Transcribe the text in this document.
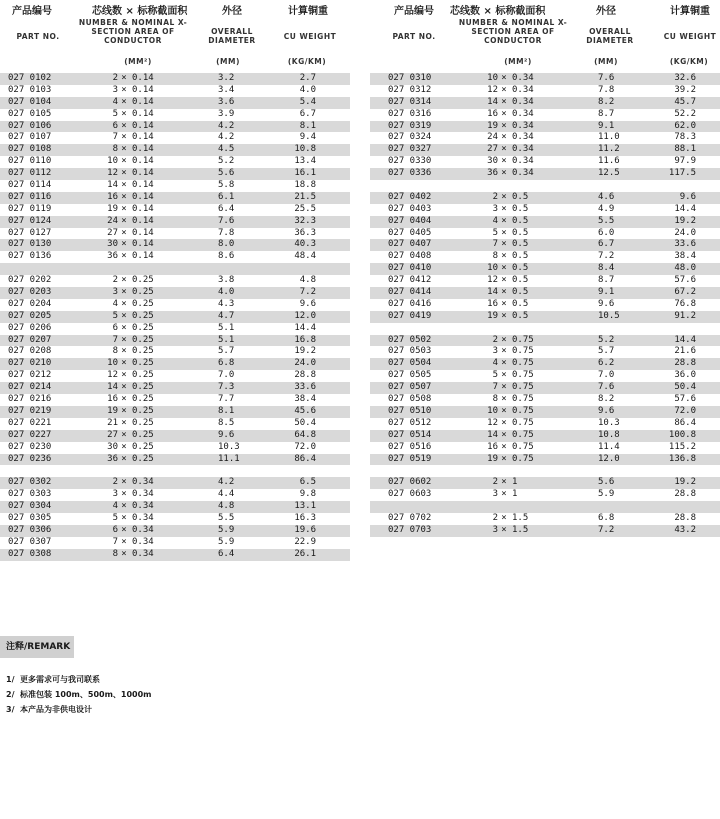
产品编号
PART NO.
芯线数 × 标称截面积
NUMBER & NOMINAL X-SECTION AREA OF CONDUCTOR
(MM²)
外径
OVERALL DIAMETER
(MM)
计算铜重
CU WEIGHT
(KG/KM)
027 0102	2 × 0.14	3.2	2.7
027 0103	3 × 0.14	3.4	4.0
027 0104	4 × 0.14	3.6	5.4
027 0105	5 × 0.14	3.9	6.7
027 0106	6 × 0.14	4.2	8.1
027 0107	7 × 0.14	4.2	9.4
027 0108	8 × 0.14	4.5	10.8
027 0110	10 × 0.14	5.2	13.4
027 0112	12 × 0.14	5.6	16.1
027 0114	14 × 0.14	5.8	18.8
027 0116	16 × 0.14	6.1	21.5
027 0119	19 × 0.14	6.4	25.5
027 0124	24 × 0.14	7.6	32.3
027 0127	27 × 0.14	7.8	36.3
027 0130	30 × 0.14	8.0	40.3
027 0136	36 × 0.14	8.6	48.4
027 0202	2 × 0.25	3.8	4.8
027 0203	3 × 0.25	4.0	7.2
027 0204	4 × 0.25	4.3	9.6
027 0205	5 × 0.25	4.7	12.0
027 0206	6 × 0.25	5.1	14.4
027 0207	7 × 0.25	5.1	16.8
027 0208	8 × 0.25	5.7	19.2
027 0210	10 × 0.25	6.8	24.0
027 0212	12 × 0.25	7.0	28.8
027 0214	14 × 0.25	7.3	33.6
027 0216	16 × 0.25	7.7	38.4
027 0219	19 × 0.25	8.1	45.6
027 0221	21 × 0.25	8.5	50.4
027 0227	27 × 0.25	9.6	64.8
027 0230	30 × 0.25	10.3	72.0
027 0236	36 × 0.25	11.1	86.4
027 0302	2 × 0.34	4.2	6.5
027 0303	3 × 0.34	4.4	9.8
027 0304	4 × 0.34	4.8	13.1
027 0305	5 × 0.34	5.5	16.3
027 0306	6 × 0.34	5.9	19.6
027 0307	7 × 0.34	5.9	22.9
027 0308	8 × 0.34	6.4	26.1
产品编号
PART NO.
芯线数 × 标称截面积
NUMBER & NOMINAL X-SECTION AREA OF CONDUCTOR
(MM²)
外径
OVERALL DIAMETER
(MM)
计算铜重
CU WEIGHT
(KG/KM)
027 0310	10 × 0.34	7.6	32.6
027 0312	12 × 0.34	7.8	39.2
027 0314	14 × 0.34	8.2	45.7
027 0316	16 × 0.34	8.7	52.2
027 0319	19 × 0.34	9.1	62.0
027 0324	24 × 0.34	11.0	78.3
027 0327	27 × 0.34	11.2	88.1
027 0330	30 × 0.34	11.6	97.9
027 0336	36 × 0.34	12.5	117.5
027 0402	2 × 0.5	4.6	9.6
027 0403	3 × 0.5	4.9	14.4
027 0404	4 × 0.5	5.5	19.2
027 0405	5 × 0.5	6.0	24.0
027 0407	7 × 0.5	6.7	33.6
027 0408	8 × 0.5	7.2	38.4
027 0410	10 × 0.5	8.4	48.0
027 0412	12 × 0.5	8.7	57.6
027 0414	14 × 0.5	9.1	67.2
027 0416	16 × 0.5	9.6	76.8
027 0419	19 × 0.5	10.5	91.2
027 0502	2 × 0.75	5.2	14.4
027 0503	3 × 0.75	5.7	21.6
027 0504	4 × 0.75	6.2	28.8
027 0505	5 × 0.75	7.0	36.0
027 0507	7 × 0.75	7.6	50.4
027 0508	8 × 0.75	8.2	57.6
027 0510	10 × 0.75	9.6	72.0
027 0512	12 × 0.75	10.3	86.4
027 0514	14 × 0.75	10.8	100.8
027 0516	16 × 0.75	11.4	115.2
027 0519	19 × 0.75	12.0	136.8
027 0602	2 × 1	5.6	19.2
027 0603	3 × 1	5.9	28.8
027 0702	2 × 1.5	6.8	28.8
027 0703	3 × 1.5	7.2	43.2
注释/REMARK
1/  更多需求可与我司联系
2/  标准包装 100m、500m、1000m
3/  本产品为非供电设计
